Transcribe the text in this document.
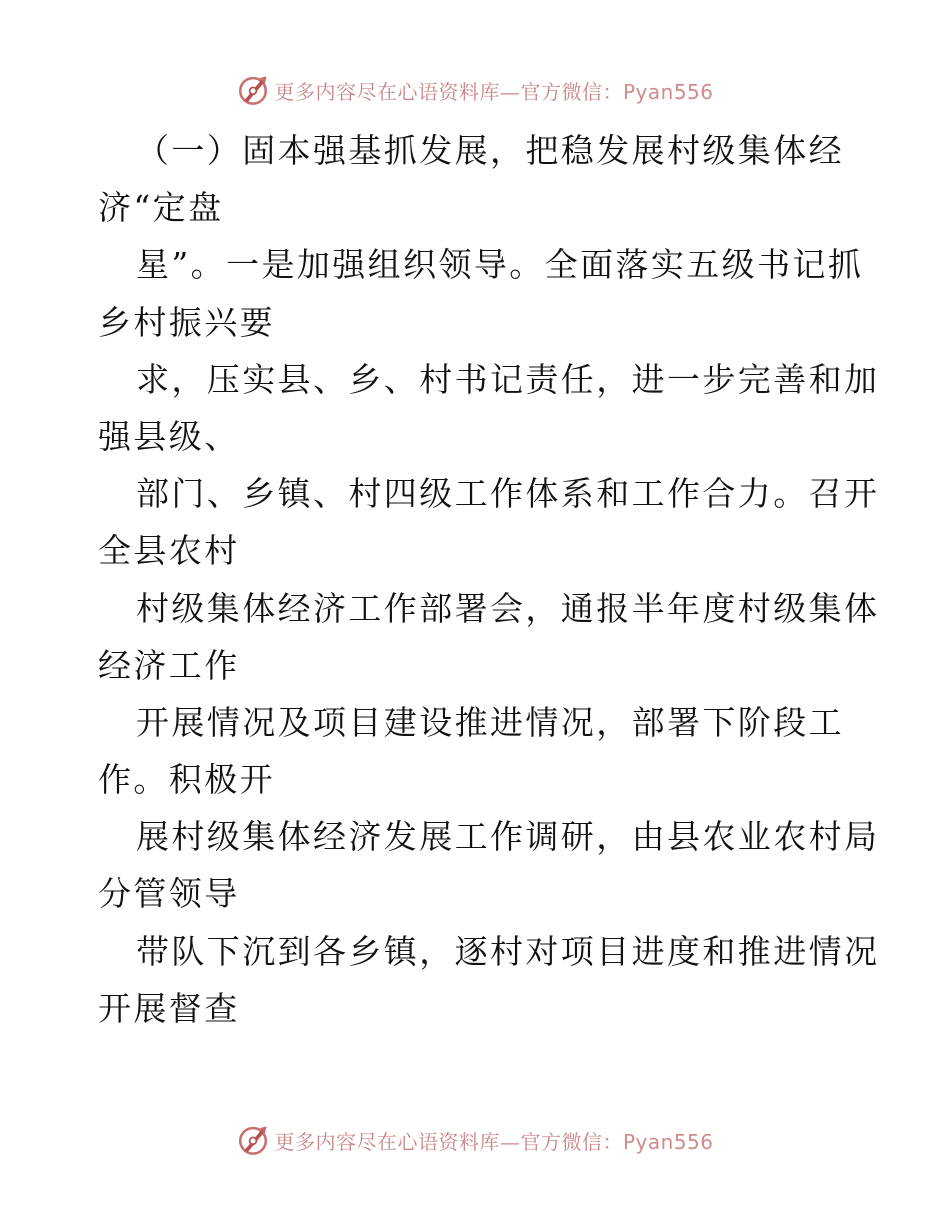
更多内容尽在心语资料库—官方微信：Pyan556
（一）固本强基抓发展，把稳发展村级集体经
济“定盘
星”。一是加强组织领导。全面落实五级书记抓
乡村振兴要
求，压实县、乡、村书记责任，进一步完善和加
强县级、
部门、乡镇、村四级工作体系和工作合力。召开
全县农村
村级集体经济工作部署会，通报半年度村级集体
经济工作
开展情况及项目建设推进情况，部署下阶段工
作。积极开
展村级集体经济发展工作调研，由县农业农村局
分管领导
带队下沉到各乡镇，逐村对项目进度和推进情况
开展督查
更多内容尽在心语资料库—官方微信：Pyan556
